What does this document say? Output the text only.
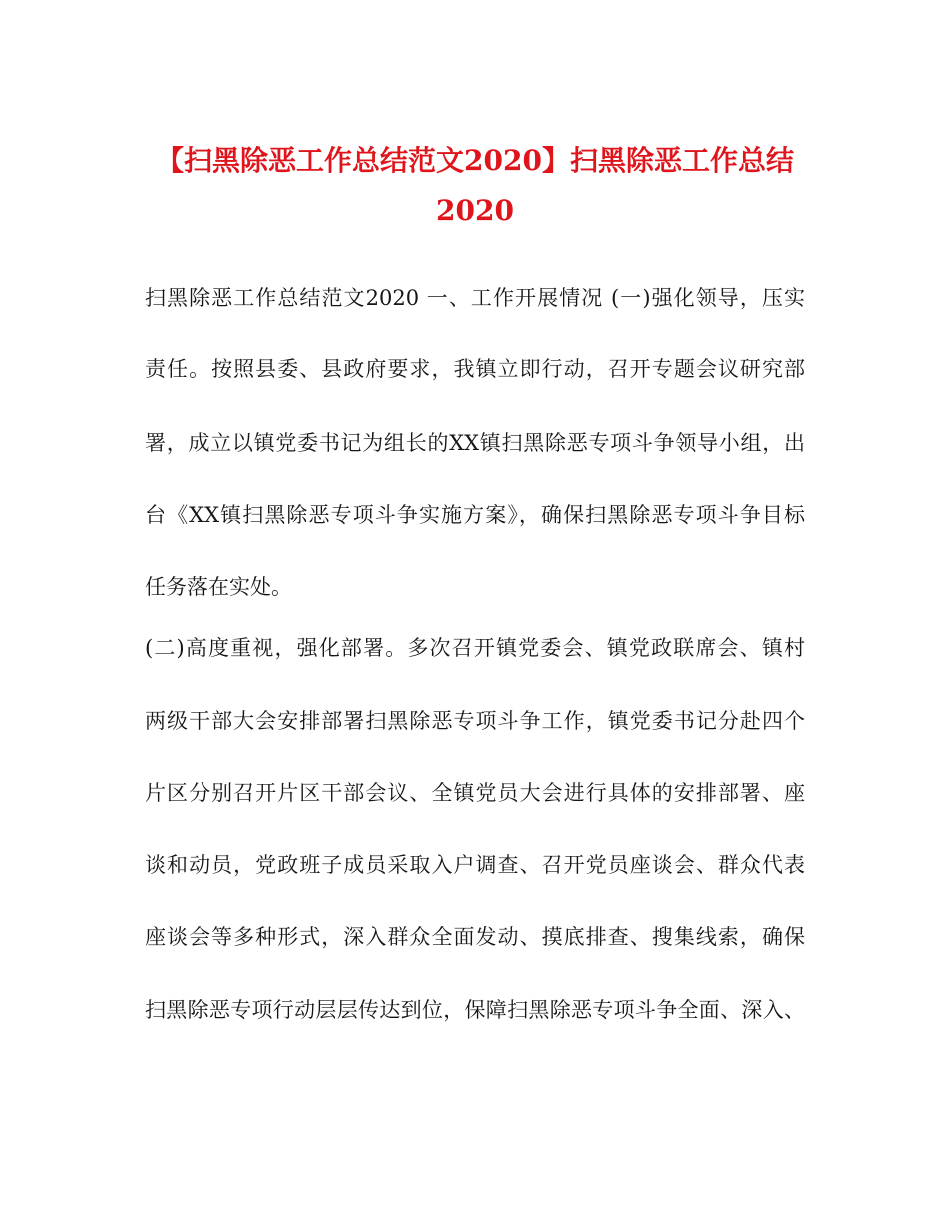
【扫黑除恶工作总结范文2020】扫黑除恶工作总结
2020
扫黑除恶工作总结范文2020 一、工作开展情况 (一)强化领导，压实
责任。按照县委、县政府要求，我镇立即行动，召开专题会议研究部
署，成立以镇党委书记为组长的XX镇扫黑除恶专项斗争领导小组，出
台《XX镇扫黑除恶专项斗争实施方案》，确保扫黑除恶专项斗争目标
任务落在实处。
(二)高度重视，强化部署。多次召开镇党委会、镇党政联席会、镇村
两级干部大会安排部署扫黑除恶专项斗争工作，镇党委书记分赴四个
片区分别召开片区干部会议、全镇党员大会进行具体的安排部署、座
谈和动员，党政班子成员采取入户调查、召开党员座谈会、群众代表
座谈会等多种形式，深入群众全面发动、摸底排查、搜集线索，确保
扫黑除恶专项行动层层传达到位，保障扫黑除恶专项斗争全面、深入、
